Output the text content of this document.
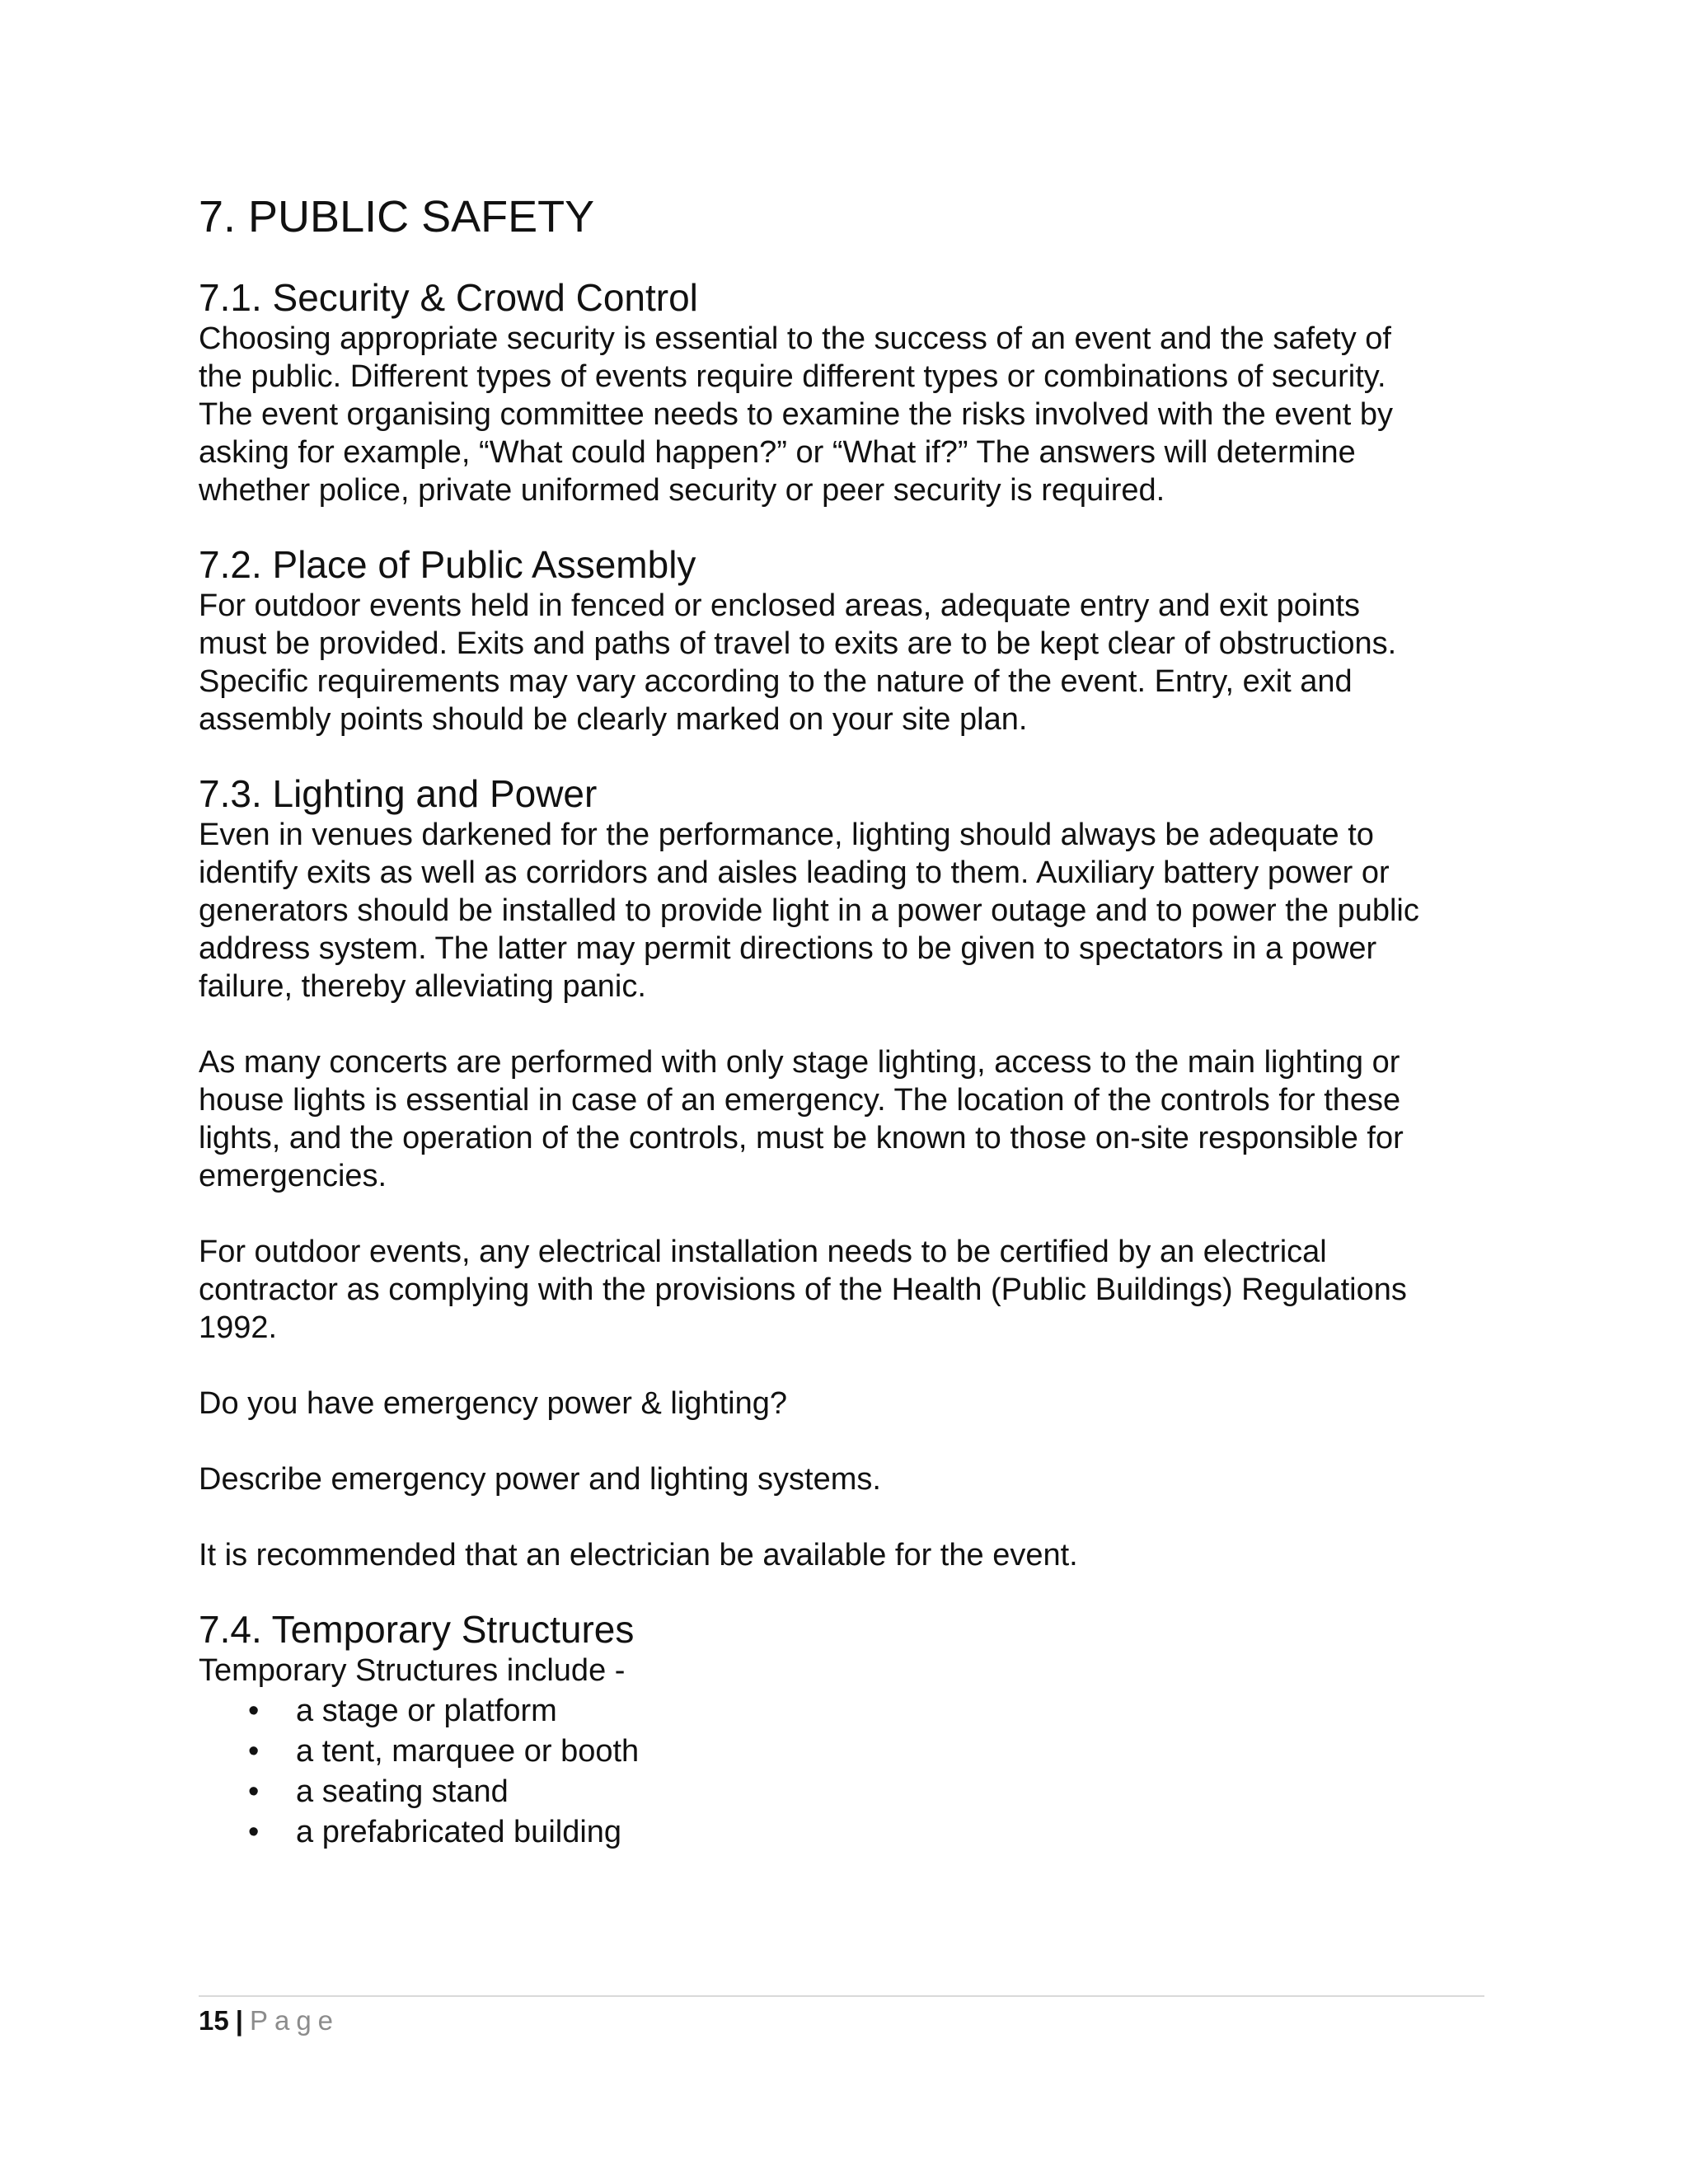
7. PUBLIC SAFETY
7.1. Security & Crowd Control

Choosing appropriate security is essential to the success of an event and the safety of
the public. Different types of events require different types or combinations of security.
The event organising committee needs to examine the risks involved with the event by
asking for example, “What could happen?” or “What if?” The answers will determine
whether police, private uniformed security or peer security is required.

7.2. Place of Public Assembly

For outdoor events held in fenced or enclosed areas, adequate entry and exit points
must be provided. Exits and paths of travel to exits are to be kept clear of obstructions.
Specific requirements may vary according to the nature of the event. Entry, exit and
assembly points should be clearly marked on your site plan.

7.3. Lighting and Power

Even in venues darkened for the performance, lighting should always be adequate to
identify exits as well as corridors and aisles leading to them. Auxiliary battery power or
generators should be installed to provide light in a power outage and to power the public
address system. The latter may permit directions to be given to spectators in a power
failure, thereby alleviating panic.

As many concerts are performed with only stage lighting, access to the main lighting or
house lights is essential in case of an emergency. The location of the controls for these
lights, and the operation of the controls, must be known to those on-site responsible for
emergencies.

For outdoor events, any electrical installation needs to be certified by an electrical
contractor as complying with the provisions of the Health (Public Buildings) Regulations
1992.

Do you have emergency power & lighting?

Describe emergency power and lighting systems.

It is recommended that an electrician be available for the event.

7.4. Temporary Structures

Temporary Structures include -

• a stage or platform
• a tent, marquee or booth
• a seating stand
• a prefabricated building
15 | Page
